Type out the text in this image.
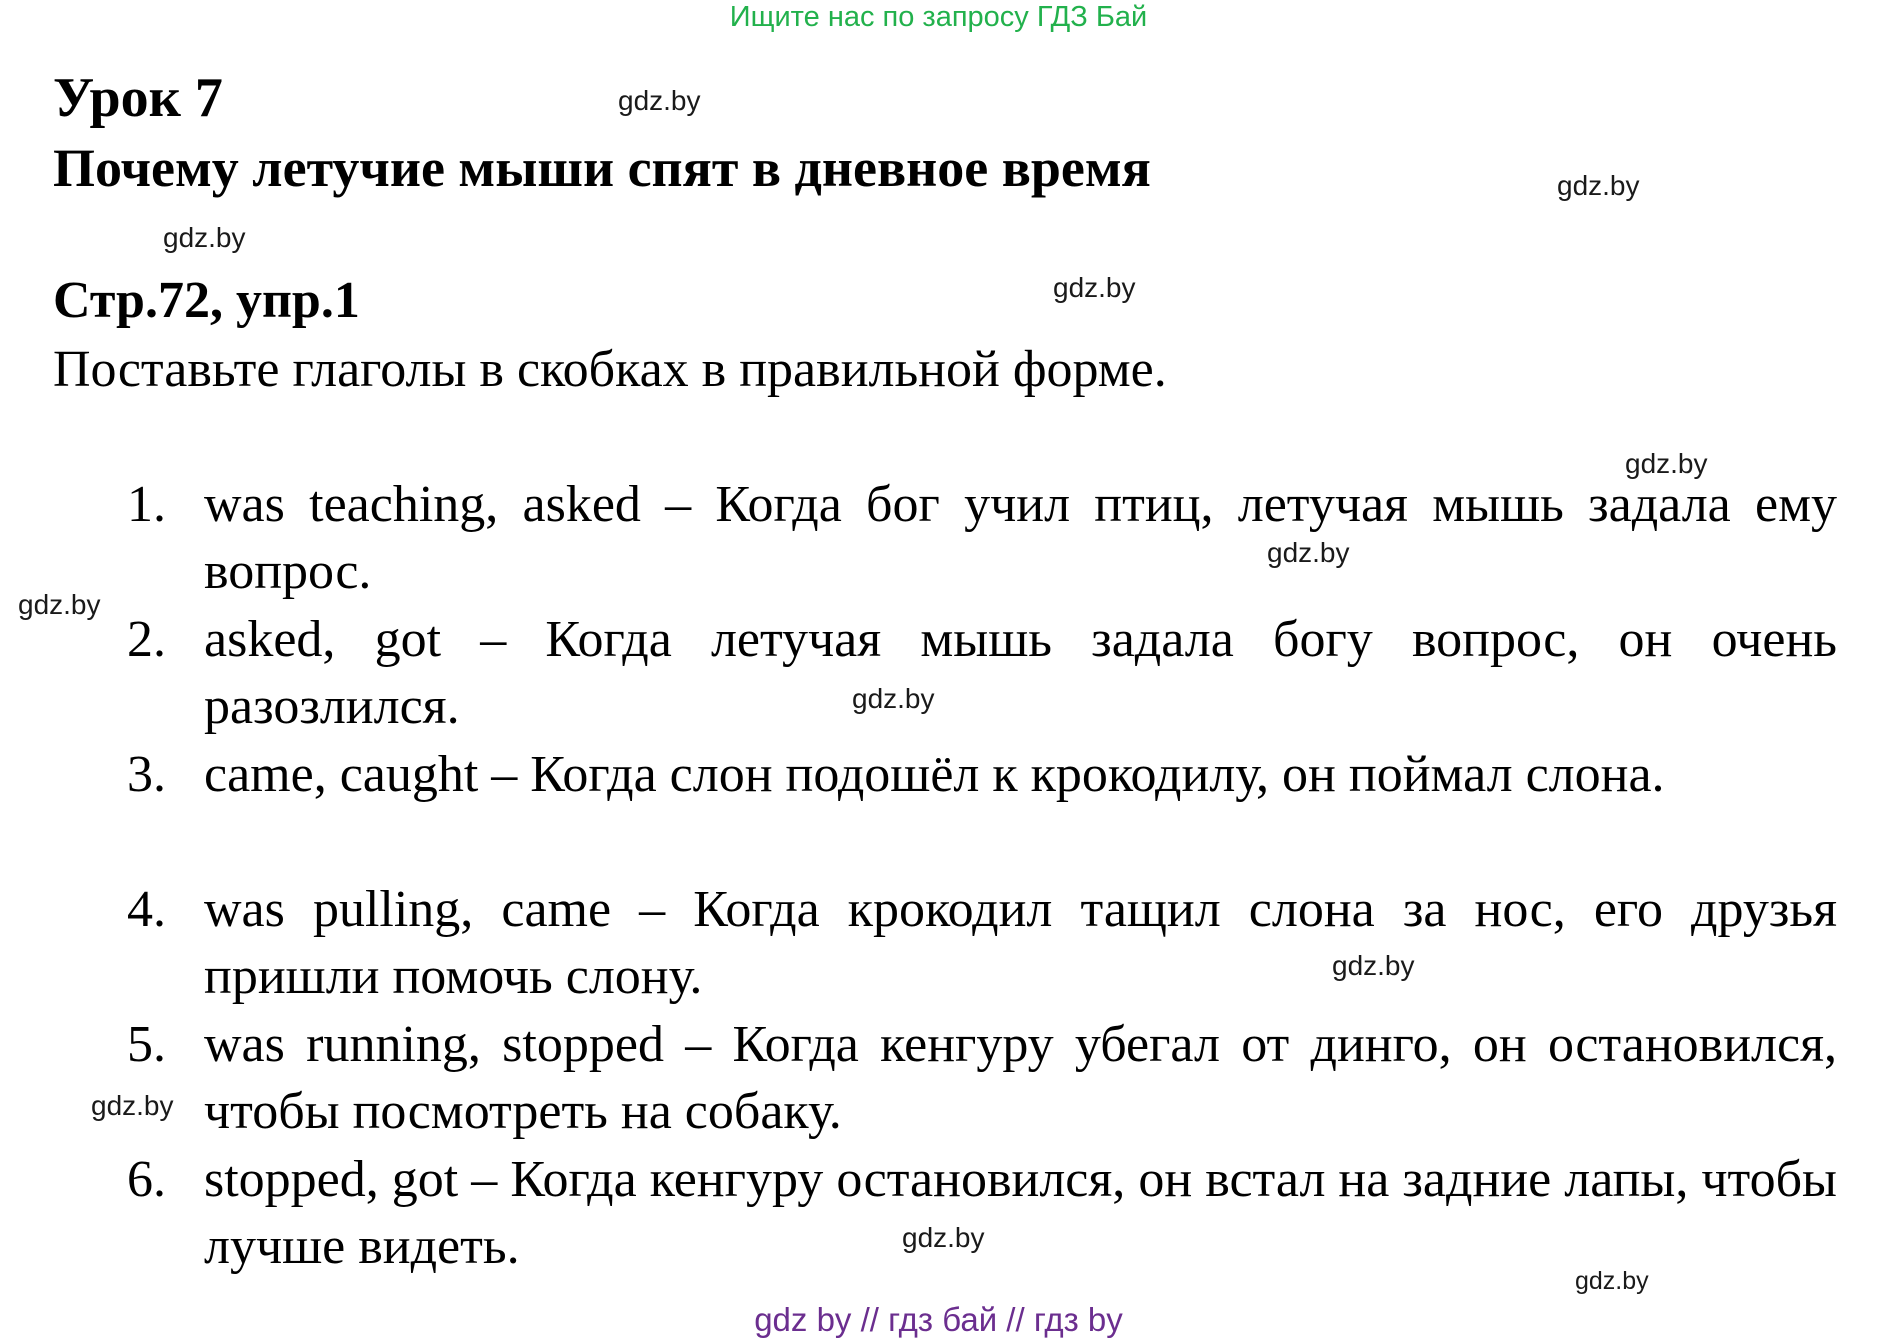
Ищите нас по запросу ГДЗ Бай
Урок 7
Почему летучие мыши спят в дневное время
Стр.72, упр.1
Поставьте глаголы в скобках в правильной форме.
1. was teaching, asked – Когда бог учил птиц, летучая мышь задала ему вопрос.
2. asked, got – Когда летучая мышь задала богу вопрос, он очень разозлился.
3. came, caught – Когда слон подошёл к крокодилу, он поймал слона.
4. was pulling, came – Когда крокодил тащил слона за нос, его друзья пришли помочь слону.
5. was running, stopped – Когда кенгуру убегал от динго, он остановился, чтобы посмотреть на собаку.
6. stopped, got – Когда кенгуру остановился, он встал на задние лапы, чтобы лучше видеть.
gdz.by
gdz.by
gdz.by
gdz.by
gdz.by
gdz.by
gdz.by
gdz.by
gdz.by
gdz.by
gdz.by
gdz.by
gdz by // гдз бай // гдз by
